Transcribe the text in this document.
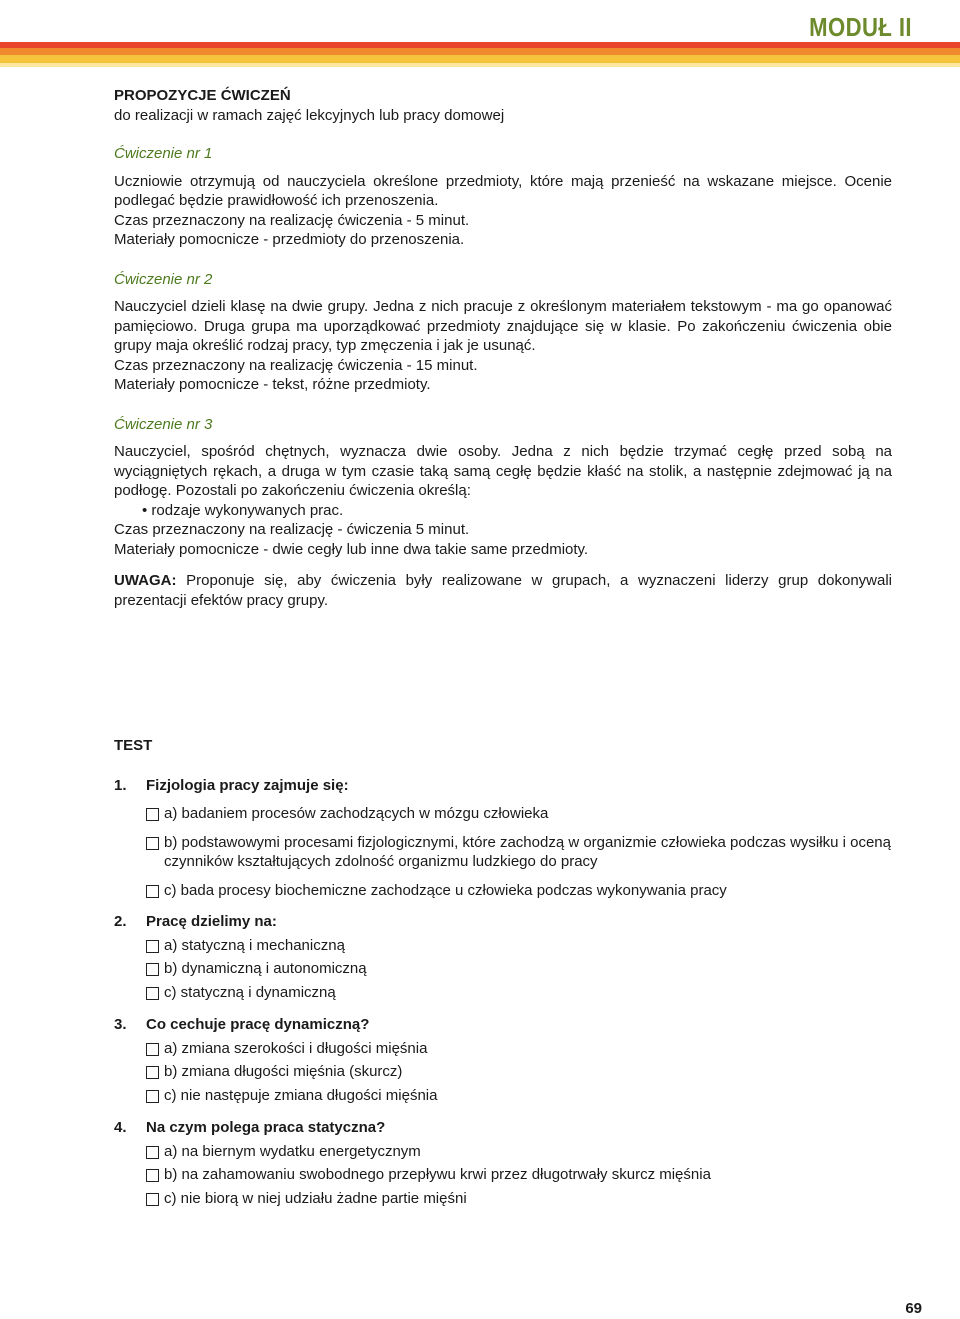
MODUŁ II

PROPOZYCJE ĆWICZEŃ

do realizacji w ramach zajęć lekcyjnych lub pracy domowej

Ćwiczenie nr 1

Uczniowie otrzymują od nauczyciela określone przedmioty, które mają przenieść na wskazane miejsce. Ocenie podlegać będzie prawidłowość ich przenoszenia.

Czas przeznaczony na realizację ćwiczenia - 5 minut.

Materiały pomocnicze - przedmioty do przenoszenia.

Ćwiczenie nr 2

Nauczyciel dzieli klasę na dwie grupy. Jedna z nich pracuje z określonym materiałem tekstowym - ma go opanować pamięciowo. Druga grupa ma uporządkować przedmioty znajdujące się w klasie. Po zakończeniu ćwiczenia obie grupy maja określić rodzaj pracy, typ zmęczenia i jak je usunąć.

Czas przeznaczony na realizację ćwiczenia - 15 minut.

Materiały pomocnicze - tekst, różne przedmioty.

Ćwiczenie nr 3

Nauczyciel, spośród chętnych, wyznacza dwie osoby. Jedna z nich będzie trzymać cegłę przed sobą na wyciągniętych rękach, a druga w tym czasie taką samą cegłę będzie kłaść na stolik, a następnie zdejmować ją na podłogę. Pozostali po zakończeniu ćwiczenia określą:

• rodzaje wykonywanych prac.

Czas przeznaczony na realizację - ćwiczenia 5 minut.

Materiały pomocnicze - dwie cegły lub inne dwa takie same przedmioty.

UWAGA: Proponuje się, aby ćwiczenia były realizowane w grupach, a wyznaczeni liderzy grup dokonywali prezentacji efektów pracy grupy.

TEST

1.	Fizjologia pracy zajmuje się:
a) badaniem procesów zachodzących w mózgu człowieka
b) podstawowymi procesami fizjologicznymi, które zachodzą w organizmie człowieka podczas wysiłku i oceną czynników kształtujących zdolność organizmu ludzkiego do pracy
c) bada procesy biochemiczne zachodzące u człowieka podczas wykonywania pracy
2.	Pracę dzielimy na:
a) statyczną i mechaniczną
b) dynamiczną i autonomiczną
c) statyczną i dynamiczną
3.	Co cechuje pracę dynamiczną?
a) zmiana szerokości i długości mięśnia
b) zmiana długości mięśnia (skurcz)
c) nie następuje zmiana długości mięśnia
4.	Na czym polega praca statyczna?
a) na biernym wydatku energetycznym
b) na zahamowaniu swobodnego przepływu krwi przez długotrwały skurcz mięśnia
c) nie biorą w niej udziału żadne partie mięśni
69
